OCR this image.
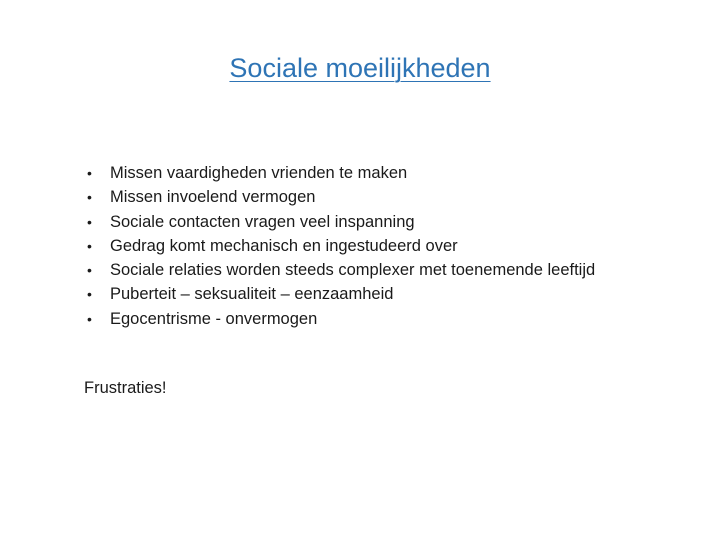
Sociale moeilijkheden
• Missen vaardigheden vrienden te maken
• Missen invoelend vermogen
• Sociale contacten vragen veel inspanning
• Gedrag komt mechanisch en ingestudeerd over
• Sociale relaties worden steeds complexer met toenemende leeftijd
• Puberteit – seksualiteit – eenzaamheid
• Egocentrisme - onvermogen
Frustraties!
